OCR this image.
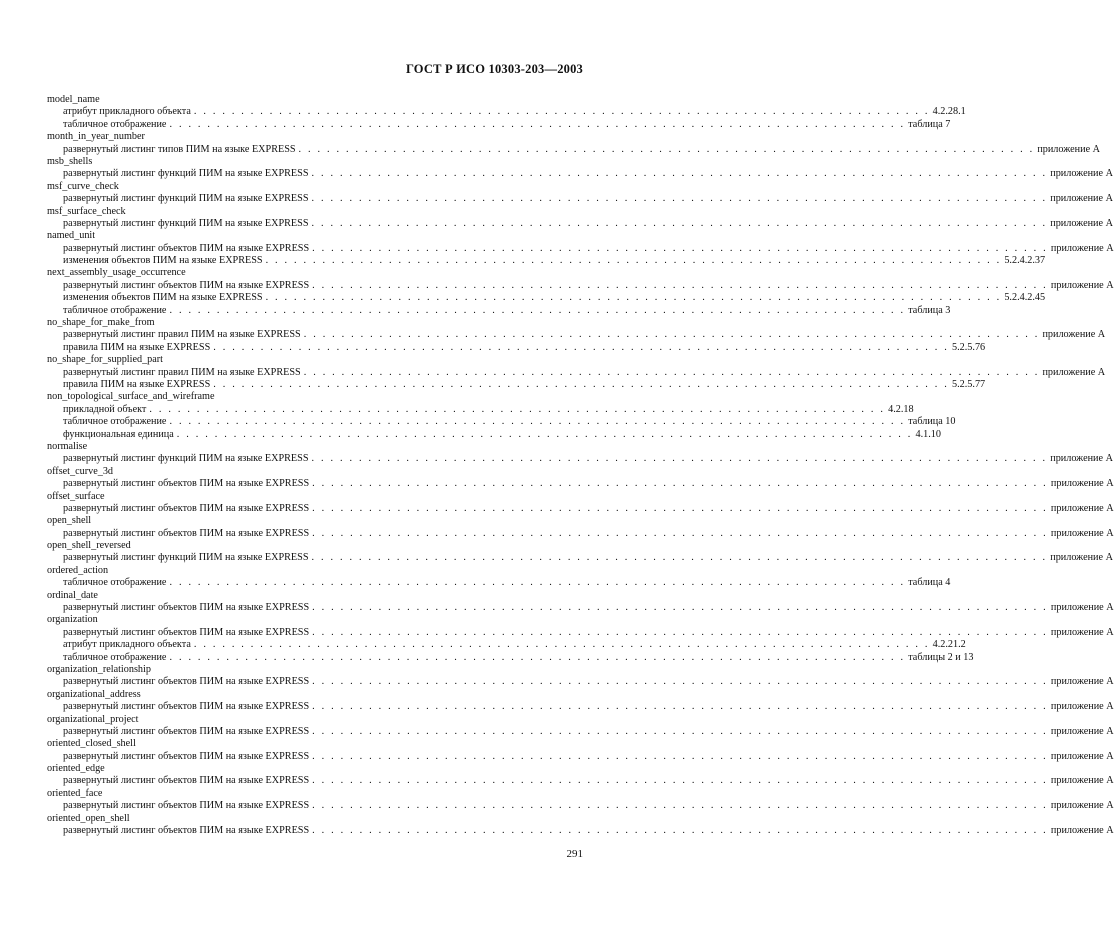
ГОСТ Р ИСО 10303-203—2003
model_name
атрибут прикладного объекта . . . . . . . . . . . . . . . . . . . . . . . . . . . . . . . . . . . . . . . . . . . . . . . . . . . . . . . . . . . . . . . . . . . . . . . . . . . . . . 4.2.28.1
табличное отображение . . . . . . . . . . . . . . . . . . . . . . . . . . . . . . . . . . . . . . . . . . . . . . . . . . . . . . . . . . . . . . . . . . . . . . . . . . . . . . таблица 7
month_in_year_number
развернутый листинг типов ПИМ на языке EXPRESS . . . . . . . . . . . . . . . . . . . . . . . . . . . . . . . . . . . . . . . . . . . . . . . . . . . . . . . . . . . . . . . . . . . . . . . . . . . . . . приложение А
msb_shells
развернутый листинг функций ПИМ на языке EXPRESS . . . . . . . . . . . . . . . . . . . . . . . . . . . . . . . . . . . . . . . . . . . . . . . . . . . . . . . . . . . . . . . . . . . . . . . . . . . . . . приложение А
msf_curve_check
развернутый листинг функций ПИМ на языке EXPRESS . . . . . . . . . . . . . . . . . . . . . . . . . . . . . . . . . . . . . . . . . . . . . . . . . . . . . . . . . . . . . . . . . . . . . . . . . . . . . . приложение А
msf_surface_check
развернутый листинг функций ПИМ на языке EXPRESS . . . . . . . . . . . . . . . . . . . . . . . . . . . . . . . . . . . . . . . . . . . . . . . . . . . . . . . . . . . . . . . . . . . . . . . . . . . . . . приложение А
named_unit
развернутый листинг объектов ПИМ на языке EXPRESS . . . . . . . . . . . . . . . . . . . . . . . . . . . . . . . . . . . . . . . . . . . . . . . . . . . . . . . . . . . . . . . . . . . . . . . . . . . . . . приложение А
изменения объектов ПИМ на языке EXPRESS . . . . . . . . . . . . . . . . . . . . . . . . . . . . . . . . . . . . . . . . . . . . . . . . . . . . . . . . . . . . . . . . . . . . . . . . . . . . . . 5.2.4.2.37
next_assembly_usage_occurrence
развернутый листинг объектов ПИМ на языке EXPRESS . . . . . . . . . . . . . . . . . . . . . . . . . . . . . . . . . . . . . . . . . . . . . . . . . . . . . . . . . . . . . . . . . . . . . . . . . . . . . . приложение А
изменения объектов ПИМ на языке EXPRESS . . . . . . . . . . . . . . . . . . . . . . . . . . . . . . . . . . . . . . . . . . . . . . . . . . . . . . . . . . . . . . . . . . . . . . . . . . . . . . 5.2.4.2.45
табличное отображение . . . . . . . . . . . . . . . . . . . . . . . . . . . . . . . . . . . . . . . . . . . . . . . . . . . . . . . . . . . . . . . . . . . . . . . . . . . . . . таблица 3
no_shape_for_make_from
развернутый листинг правил ПИМ на языке EXPRESS . . . . . . . . . . . . . . . . . . . . . . . . . . . . . . . . . . . . . . . . . . . . . . . . . . . . . . . . . . . . . . . . . . . . . . . . . . . . . . приложение А
правила ПИМ на языке EXPRESS . . . . . . . . . . . . . . . . . . . . . . . . . . . . . . . . . . . . . . . . . . . . . . . . . . . . . . . . . . . . . . . . . . . . . . . . . . . . . . 5.2.5.76
no_shape_for_supplied_part
развернутый листинг правил ПИМ на языке EXPRESS . . . . . . . . . . . . . . . . . . . . . . . . . . . . . . . . . . . . . . . . . . . . . . . . . . . . . . . . . . . . . . . . . . . . . . . . . . . . . . приложение А
правила ПИМ на языке EXPRESS . . . . . . . . . . . . . . . . . . . . . . . . . . . . . . . . . . . . . . . . . . . . . . . . . . . . . . . . . . . . . . . . . . . . . . . . . . . . . . 5.2.5.77
non_topological_surface_and_wireframe
прикладной объект . . . . . . . . . . . . . . . . . . . . . . . . . . . . . . . . . . . . . . . . . . . . . . . . . . . . . . . . . . . . . . . . . . . . . . . . . . . . . . 4.2.18
табличное отображение . . . . . . . . . . . . . . . . . . . . . . . . . . . . . . . . . . . . . . . . . . . . . . . . . . . . . . . . . . . . . . . . . . . . . . . . . . . . . . таблица 10
функциональная единица . . . . . . . . . . . . . . . . . . . . . . . . . . . . . . . . . . . . . . . . . . . . . . . . . . . . . . . . . . . . . . . . . . . . . . . . . . . . . . 4.1.10
normalise
развернутый листинг функций ПИМ на языке EXPRESS . . . . . . . . . . . . . . . . . . . . . . . . . . . . . . . . . . . . . . . . . . . . . . . . . . . . . . . . . . . . . . . . . . . . . . . . . . . . . . приложение А
offset_curve_3d
развернутый листинг объектов ПИМ на языке EXPRESS . . . . . . . . . . . . . . . . . . . . . . . . . . . . . . . . . . . . . . . . . . . . . . . . . . . . . . . . . . . . . . . . . . . . . . . . . . . . . . приложение А
offset_surface
развернутый листинг объектов ПИМ на языке EXPRESS . . . . . . . . . . . . . . . . . . . . . . . . . . . . . . . . . . . . . . . . . . . . . . . . . . . . . . . . . . . . . . . . . . . . . . . . . . . . . . приложение А
open_shell
развернутый листинг объектов ПИМ на языке EXPRESS . . . . . . . . . . . . . . . . . . . . . . . . . . . . . . . . . . . . . . . . . . . . . . . . . . . . . . . . . . . . . . . . . . . . . . . . . . . . . . приложение А
open_shell_reversed
развернутый листинг функций ПИМ на языке EXPRESS . . . . . . . . . . . . . . . . . . . . . . . . . . . . . . . . . . . . . . . . . . . . . . . . . . . . . . . . . . . . . . . . . . . . . . . . . . . . . . приложение А
ordered_action
табличное отображение . . . . . . . . . . . . . . . . . . . . . . . . . . . . . . . . . . . . . . . . . . . . . . . . . . . . . . . . . . . . . . . . . . . . . . . . . . . . . . таблица 4
ordinal_date
развернутый листинг объектов ПИМ на языке EXPRESS . . . . . . . . . . . . . . . . . . . . . . . . . . . . . . . . . . . . . . . . . . . . . . . . . . . . . . . . . . . . . . . . . . . . . . . . . . . . . . приложение А
organization
развернутый листинг объектов ПИМ на языке EXPRESS . . . . . . . . . . . . . . . . . . . . . . . . . . . . . . . . . . . . . . . . . . . . . . . . . . . . . . . . . . . . . . . . . . . . . . . . . . . . . . приложение А
атрибут прикладного объекта . . . . . . . . . . . . . . . . . . . . . . . . . . . . . . . . . . . . . . . . . . . . . . . . . . . . . . . . . . . . . . . . . . . . . . . . . . . . . . 4.2.21.2
табличное отображение . . . . . . . . . . . . . . . . . . . . . . . . . . . . . . . . . . . . . . . . . . . . . . . . . . . . . . . . . . . . . . . . . . . . . . . . . . . . . . таблицы 2 и 13
organization_relationship
развернутый листинг объектов ПИМ на языке EXPRESS . . . . . . . . . . . . . . . . . . . . . . . . . . . . . . . . . . . . . . . . . . . . . . . . . . . . . . . . . . . . . . . . . . . . . . . . . . . . . . приложение А
organizational_address
развернутый листинг объектов ПИМ на языке EXPRESS . . . . . . . . . . . . . . . . . . . . . . . . . . . . . . . . . . . . . . . . . . . . . . . . . . . . . . . . . . . . . . . . . . . . . . . . . . . . . . приложение А
organizational_project
развернутый листинг объектов ПИМ на языке EXPRESS . . . . . . . . . . . . . . . . . . . . . . . . . . . . . . . . . . . . . . . . . . . . . . . . . . . . . . . . . . . . . . . . . . . . . . . . . . . . . . приложение А
oriented_closed_shell
развернутый листинг объектов ПИМ на языке EXPRESS . . . . . . . . . . . . . . . . . . . . . . . . . . . . . . . . . . . . . . . . . . . . . . . . . . . . . . . . . . . . . . . . . . . . . . . . . . . . . . приложение А
oriented_edge
развернутый листинг объектов ПИМ на языке EXPRESS . . . . . . . . . . . . . . . . . . . . . . . . . . . . . . . . . . . . . . . . . . . . . . . . . . . . . . . . . . . . . . . . . . . . . . . . . . . . . . приложение А
oriented_face
развернутый листинг объектов ПИМ на языке EXPRESS . . . . . . . . . . . . . . . . . . . . . . . . . . . . . . . . . . . . . . . . . . . . . . . . . . . . . . . . . . . . . . . . . . . . . . . . . . . . . . приложение А
oriented_open_shell
развернутый листинг объектов ПИМ на языке EXPRESS . . . . . . . . . . . . . . . . . . . . . . . . . . . . . . . . . . . . . . . . . . . . . . . . . . . . . . . . . . . . . . . . . . . . . . . . . . . . . . приложение А
291
